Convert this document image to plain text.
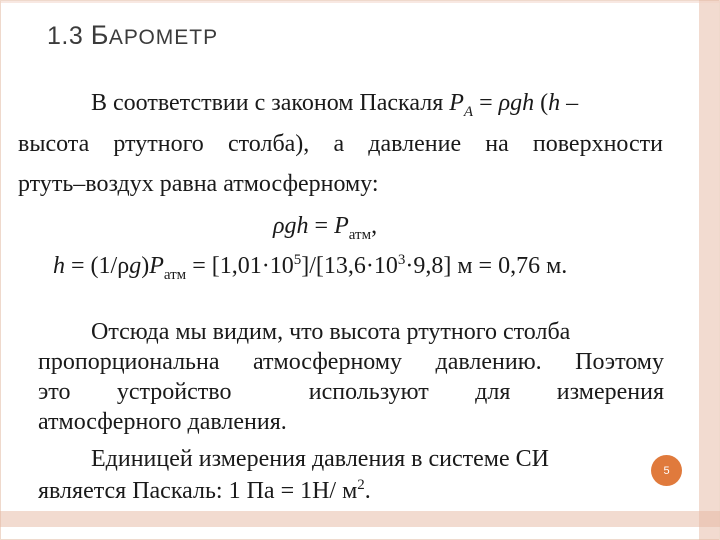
1.3 БАРОМЕТР
В соответствии с законом Паскаля $P_A = \rho gh$ (h –
высота ртутного столба), а давление на поверхности
ртуть–воздух равна атмосферному:
$\rho gh = P_{атм}$,
$h = (1/\rho g)P_{атм} = [1,01\cdot 10^5]/[13,6\cdot 10^3\cdot 9,8] м = 0,76$ м.
Отсюда мы видим, что высота ртутного столба
пропорциональна атмосферному давлению. Поэтому
это   устройство     используют   для   измерения
атмосферного давления.
Единицей измерения давления в системе СИ
является Паскаль: 1 Па = 1Н/ $м^2$.
5
